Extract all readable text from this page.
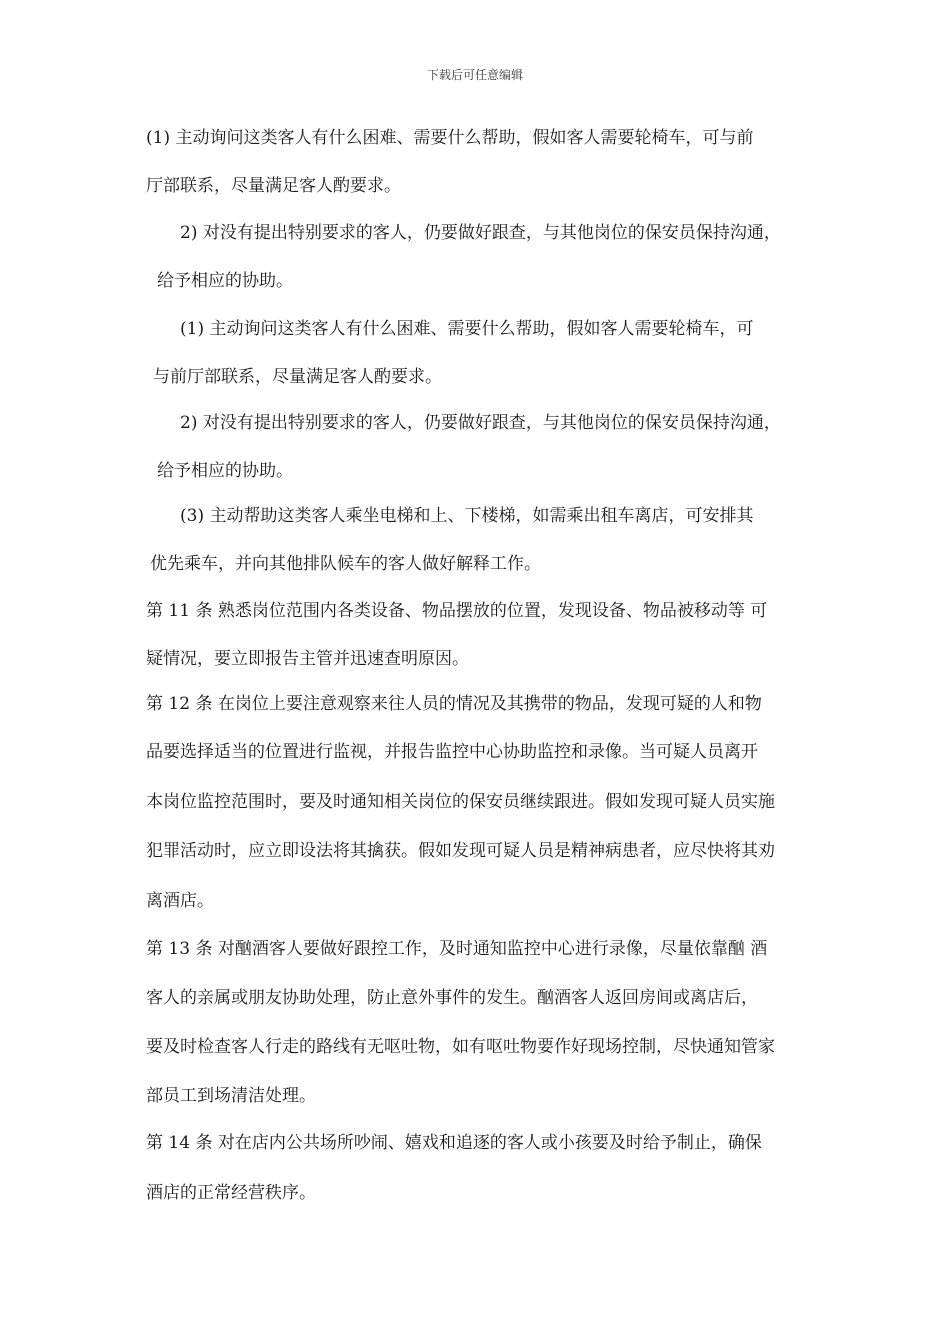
下载后可任意编辑
(1) 主动询问这类客人有什么困难、需要什么帮助，假如客人需要轮椅车，可与前
厅部联系，尽量满足客人酌要求。
2) 对没有提出特别要求的客人，仍要做好跟查，与其他岗位的保安员保持沟通，
给予相应的协助。
(1) 主动询问这类客人有什么困难、需要什么帮助，假如客人需要轮椅车，可
与前厅部联系，尽量满足客人酌要求。
2) 对没有提出特别要求的客人，仍要做好跟查，与其他岗位的保安员保持沟通，
给予相应的协助。
(3) 主动帮助这类客人乘坐电梯和上、下楼梯，如需乘出租车离店，可安排其
优先乘车，并向其他排队候车的客人做好解释工作。
第 11 条 熟悉岗位范围内各类设备、物品摆放的位置，发现设备、物品被移动等 可
疑情况，要立即报告主管并迅速查明原因。
第 12 条 在岗位上要注意观察来往人员的情况及其携带的物品，发现可疑的人和物
品要选择适当的位置进行监视，并报告监控中心协助监控和录像。当可疑人员离开
本岗位监控范围时，要及时通知相关岗位的保安员继续跟进。假如发现可疑人员实施
犯罪活动时，应立即设法将其擒获。假如发现可疑人员是精神病患者，应尽快将其劝
离酒店。
第 13 条 对酗酒客人要做好跟控工作，及时通知监控中心进行录像，尽量依靠酗 酒
客人的亲属或朋友协助处理，防止意外事件的发生。酗酒客人返回房间或离店后，
要及时检查客人行走的路线有无呕吐物，如有呕吐物要作好现场控制，尽快通知管家
部员工到场清洁处理。
第 14 条 对在店内公共场所吵闹、嬉戏和追逐的客人或小孩要及时给予制止，确保
酒店的正常经营秩序。
